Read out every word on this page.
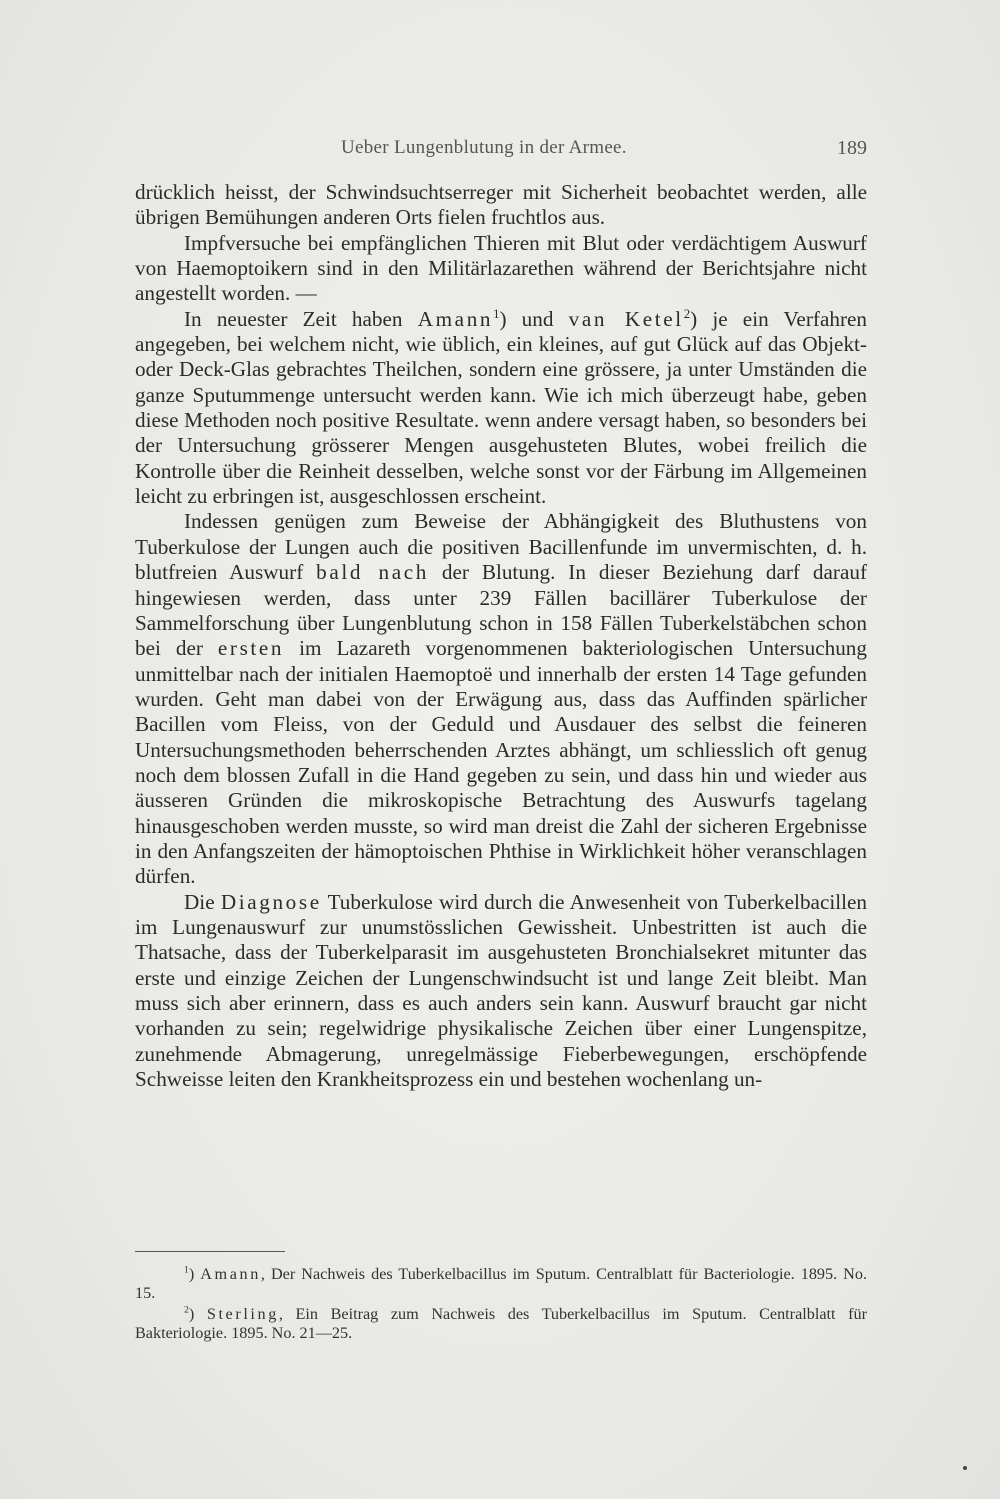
Ueber Lungenblutung in der Armee.	189

drücklich heisst, der Schwindsuchtserreger mit Sicherheit beobachtet werden, alle übrigen Bemühungen anderen Orts fielen fruchtlos aus.

Impfversuche bei empfänglichen Thieren mit Blut oder verdächtigem Auswurf von Haemoptoikern sind in den Militärlazarethen während der Berichtsjahre nicht angestellt worden. —

In neuester Zeit haben Amann$^1$) und van Ketel$^2$) je ein Verfahren angegeben, bei welchem nicht, wie üblich, ein kleines, auf gut Glück auf das Objekt- oder Deck-Glas gebrachtes Theilchen, sondern eine grössere, ja unter Umständen die ganze Sputummenge untersucht werden kann. Wie ich mich überzeugt habe, geben diese Methoden noch positive Resultate. wenn andere versagt haben, so besonders bei der Untersuchung grösserer Mengen ausgehusteten Blutes, wobei freilich die Kontrolle über die Reinheit desselben, welche sonst vor der Färbung im Allgemeinen leicht zu erbringen ist, ausgeschlossen erscheint.

Indessen genügen zum Beweise der Abhängigkeit des Bluthustens von Tuberkulose der Lungen auch die positiven Bacillenfunde im unvermischten, d. h. blutfreien Auswurf bald nach der Blutung. In dieser Beziehung darf darauf hingewiesen werden, dass unter 239 Fällen bacillärer Tuberkulose der Sammelforschung über Lungenblutung schon in 158 Fällen Tuberkelstäbchen schon bei der ersten im Lazareth vorgenommenen bakteriologischen Untersuchung unmittelbar nach der initialen Haemoptoë und innerhalb der ersten 14 Tage gefunden wurden. Geht man dabei von der Erwägung aus, dass das Auffinden spärlicher Bacillen vom Fleiss, von der Geduld und Ausdauer des selbst die feineren Untersuchungsmethoden beherrschenden Arztes abhängt, um schliesslich oft genug noch dem blossen Zufall in die Hand gegeben zu sein, und dass hin und wieder aus äusseren Gründen die mikroskopische Betrachtung des Auswurfs tagelang hinausgeschoben werden musste, so wird man dreist die Zahl der sicheren Ergebnisse in den Anfangszeiten der hämoptoischen Phthise in Wirklichkeit höher veranschlagen dürfen.

Die Diagnose Tuberkulose wird durch die Anwesenheit von Tuberkelbacillen im Lungenauswurf zur unumstösslichen Gewissheit. Unbestritten ist auch die Thatsache, dass der Tuberkelparasit im ausgehusteten Bronchialsekret mitunter das erste und einzige Zeichen der Lungenschwindsucht ist und lange Zeit bleibt. Man muss sich aber erinnern, dass es auch anders sein kann. Auswurf braucht gar nicht vorhanden zu sein; regelwidrige physikalische Zeichen über einer Lungenspitze, zunehmende Abmagerung, unregelmässige Fieberbewegungen, erschöpfende Schweisse leiten den Krankheitsprozess ein und bestehen wochenlang un-

$^1$) Amann, Der Nachweis des Tuberkelbacillus im Sputum. Centralblatt für Bacteriologie. 1895. No. 15.

$^2$) Sterling, Ein Beitrag zum Nachweis des Tuberkelbacillus im Sputum. Centralblatt für Bakteriologie. 1895. No. 21—25.
